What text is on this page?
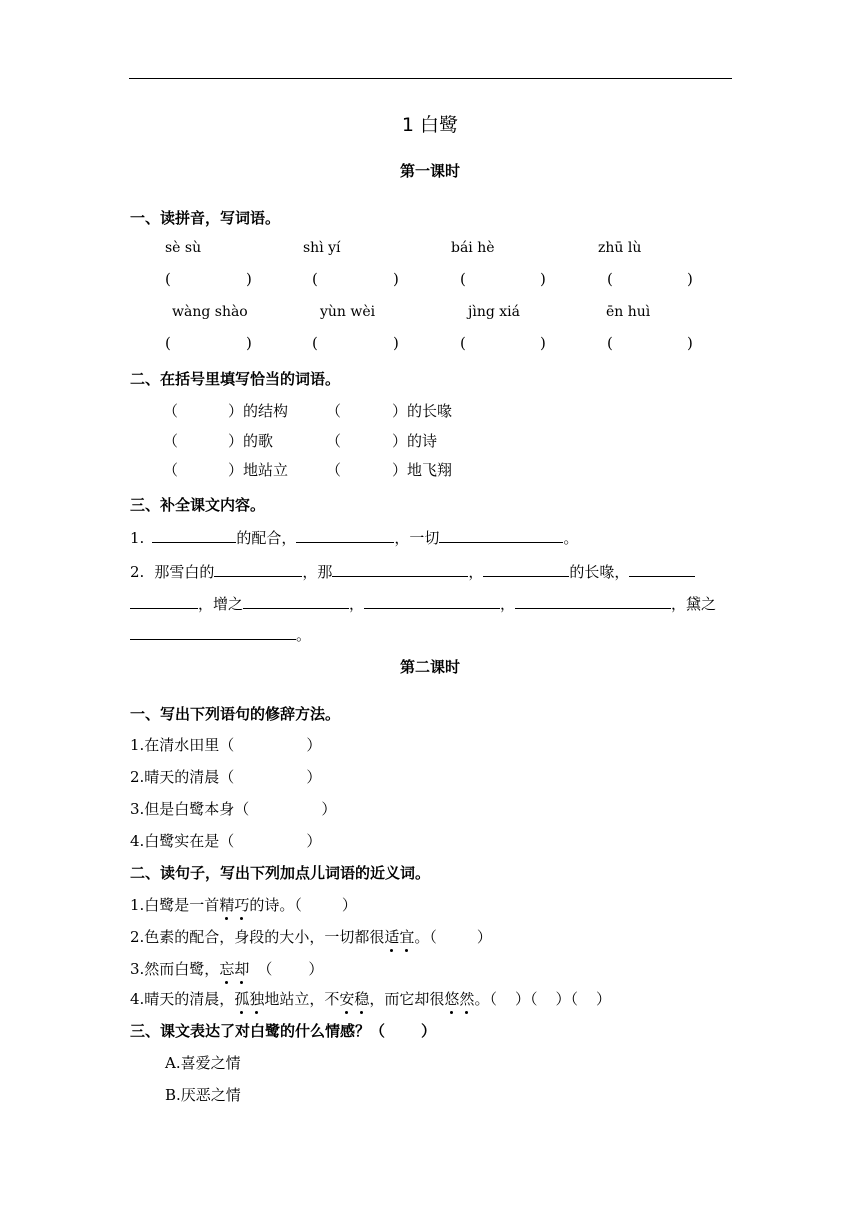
1 白鹭
第一课时
一、读拼音，写词语。
sè sù	shì yí	bái hè	zhū lù
(	)	(	)	(	)	(	)
wàng shào	yùn wèi	jìng xiá	ēn huì
(	)	(	)	(	)	(	)
二、在括号里填写恰当的词语。
（	）的结构	（	）的长喙
（	）的歌	（	）的诗
（	）地站立	（	）地飞翔
三、补全课文内容。
1.	的配合，	，一切	。
2. 那雪白的	，那	，	的长喙，
，增之	，	，	，黛之
。
第二课时
一、写出下列语句的修辞方法。
1.在清水田里（	）
2.晴天的清晨（	）
3.但是白鹭本身（	）
4.白鹭实在是（	）
二、读句子，写出下列加点儿词语的近义词。
1.白鹭是一首精巧的诗。（	）
2.色素的配合，身段的大小，一切都很适宜。（	）
3.然而白鹭，忘却 （ ）
4.晴天的清晨，孤独地站立，不安稳，而它却很悠然。（ ）（ ）（ ）
三、课文表达了对白鹭的什么情感？（ ）
A.喜爱之情
B.厌恶之情
